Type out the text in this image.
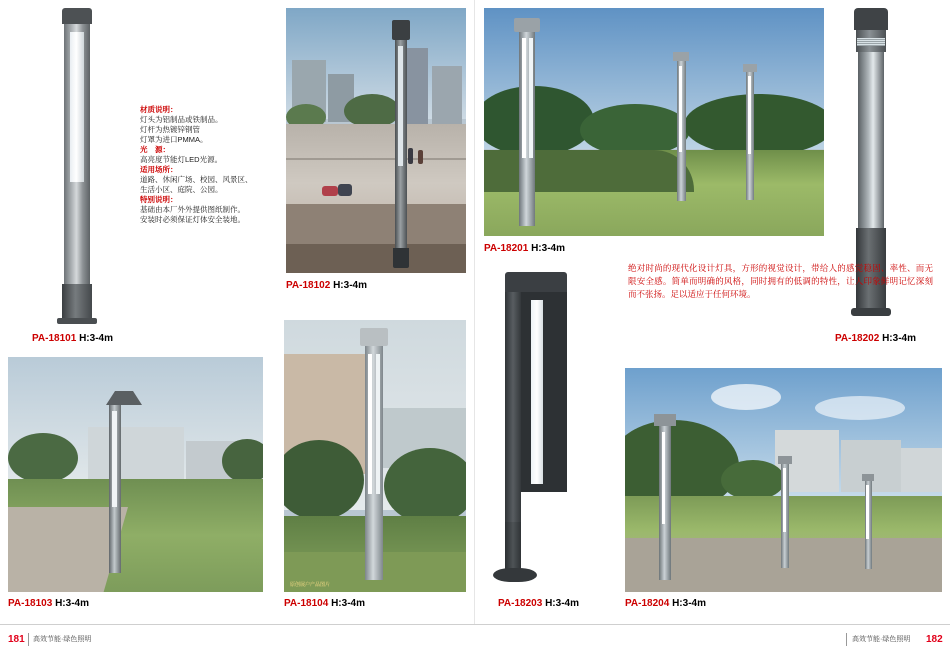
PA-18101 H:3-4m
材质说明：
灯头为铝制品或铁制品。
灯杆为热镀锌钢管
灯罩为进口PMMA。
光　源：
高亮度节能灯LED光源。
适用场所：
道路、休闲广场、校园、风景区、
生活小区、庭院、公园。
特别说明：
基础由本厂外外提供图纸制作。
安装时必须保证灯体安全装地。
PA-18102 H:3-4m
PA-18103 H:3-4m
原创展户产品图片
PA-18104 H:3-4m
PA-18201 H:3-4m
PA-18202 H:3-4m
绝对时尚的现代化设计灯具，方形的视觉设计，带给人的感觉稳固、率性、而无限安全感。简单而明确的风格，同时拥有的低调的特性，让人印象鲜明记忆深刻而不张扬。足以适应于任何环境。
PA-18203 H:3-4m	PA-18204 H:3-4m
181 高效节能·绿色照明	182
高效节能·绿色照明
